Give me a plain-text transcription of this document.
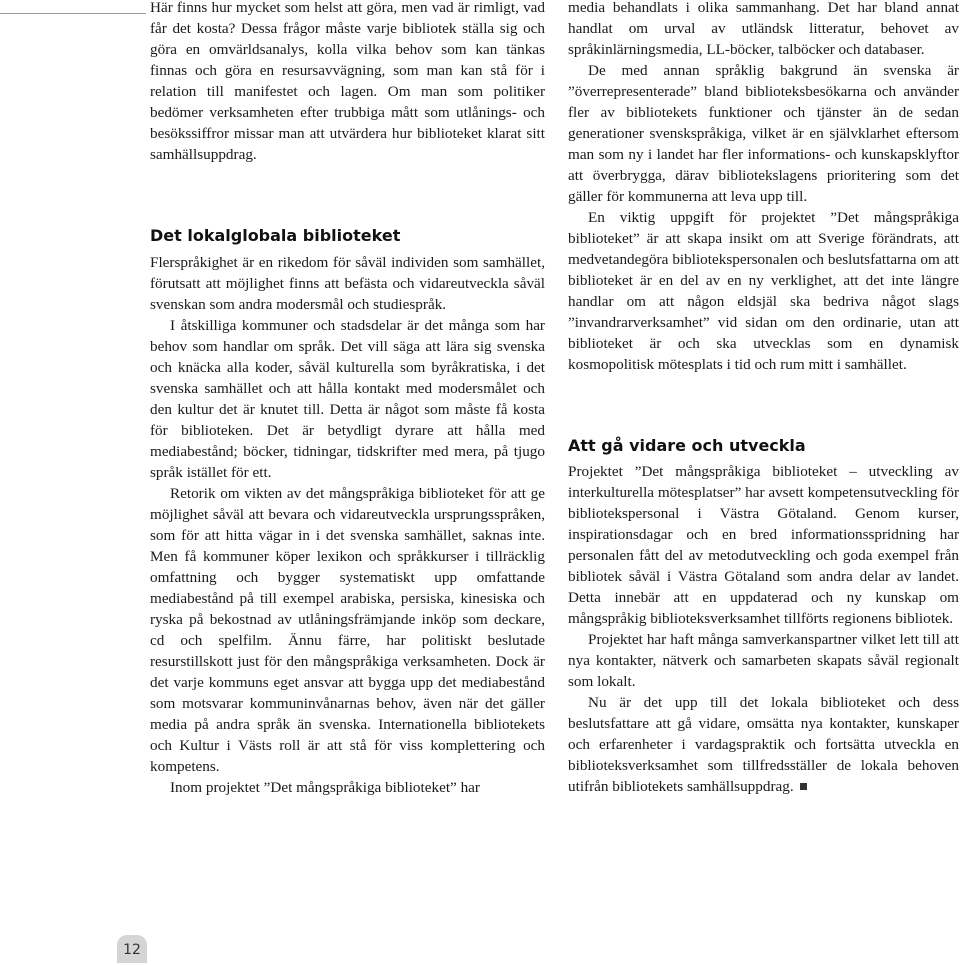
Här finns hur mycket som helst att göra, men vad är rimligt, vad får det kosta? Dessa frågor måste varje bibliotek ställa sig och göra en omvärldsanalys, kolla vilka behov som kan tänkas finnas och göra en resursavvägning, som man kan stå för i relation till manifestet och lagen. Om man som politiker bedömer verksamheten efter trubbiga mått som utlånings- och besökssiffror missar man att utvärdera hur biblioteket klarat sitt samhällsuppdrag.

Det lokalglobala biblioteket

Flerspråkighet är en rikedom för såväl individen som samhället, förutsatt att möjlighet finns att befästa och vidareutveckla såväl svenskan som andra modersmål och studiespråk.

I åtskilliga kommuner och stadsdelar är det många som har behov som handlar om språk. Det vill säga att lära sig svenska och knäcka alla koder, såväl kulturella som byråkratiska, i det svenska samhället och att hålla kontakt med modersmålet och den kultur det är knutet till. Detta är något som måste få kosta för biblioteken. Det är betydligt dyrare att hålla med mediabestånd; böcker, tidningar, tidskrifter med mera, på tjugo språk istället för ett.

Retorik om vikten av det mångspråkiga biblioteket för att ge möjlighet såväl att bevara och vidareutveckla ursprungsspråken, som för att hitta vägar in i det svenska samhället, saknas inte. Men få kommuner köper lexikon och språkkurser i tillräcklig omfattning och bygger systematiskt upp omfattande mediabestånd på till exempel arabiska, persiska, kinesiska och ryska på bekostnad av utlåningsfrämjande inköp som deckare, cd och spelfilm. Ännu färre, har politiskt beslutade resurstillskott just för den mångspråkiga verksamheten. Dock är det varje kommuns eget ansvar att bygga upp det mediabestånd som motsvarar kommuninvånarnas behov, även när det gäller media på andra språk än svenska. Internationella bibliotekets och Kultur i Västs roll är att stå för viss komplettering och kompetens.

Inom projektet ”Det mångspråkiga biblioteket” har

media behandlats i olika sammanhang. Det har bland annat handlat om urval av utländsk litteratur, behovet av språkinlärningsmedia, LL-böcker, talböcker och databaser.

De med annan språklig bakgrund än svenska är ”överrepresenterade” bland biblioteksbesökarna och använder fler av bibliotekets funktioner och tjänster än de sedan generationer svenskspråkiga, vilket är en självklarhet eftersom man som ny i landet har fler informations- och kunskapsklyftor att överbrygga, därav bibliotekslagens prioritering som det gäller för kommunerna att leva upp till.

En viktig uppgift för projektet ”Det mångspråkiga biblioteket” är att skapa insikt om att Sverige förändrats, att medvetandegöra bibliotekspersonalen och beslutsfattarna om att biblioteket är en del av en ny verklighet, att det inte längre handlar om att någon eldsjäl ska bedriva något slags ”invandrarverksamhet” vid sidan om den ordinarie, utan att biblioteket är och ska utvecklas som en dynamisk kosmopolitisk mötesplats i tid och rum mitt i samhället.

Att gå vidare och utveckla

Projektet ”Det mångspråkiga biblioteket – utveckling av interkulturella mötesplatser” har avsett kompetensutveckling för bibliotekspersonal i Västra Götaland. Genom kurser, inspirationsdagar och en bred informationsspridning har personalen fått del av metodutveckling och goda exempel från bibliotek såväl i Västra Götaland som andra delar av landet. Detta innebär att en uppdaterad och ny kunskap om mångspråkig biblioteksverksamhet tillförts regionens bibliotek.

Projektet har haft många samverkanspartner vilket lett till att nya kontakter, nätverk och samarbeten skapats såväl regionalt som lokalt.

Nu är det upp till det lokala biblioteket och dess beslutsfattare att gå vidare, omsätta nya kontakter, kunskaper och erfarenheter i vardagspraktik och fortsätta utveckla en biblioteksverksamhet som tillfredsställer de lokala behoven utifrån bibliotekets samhällsuppdrag.

12
